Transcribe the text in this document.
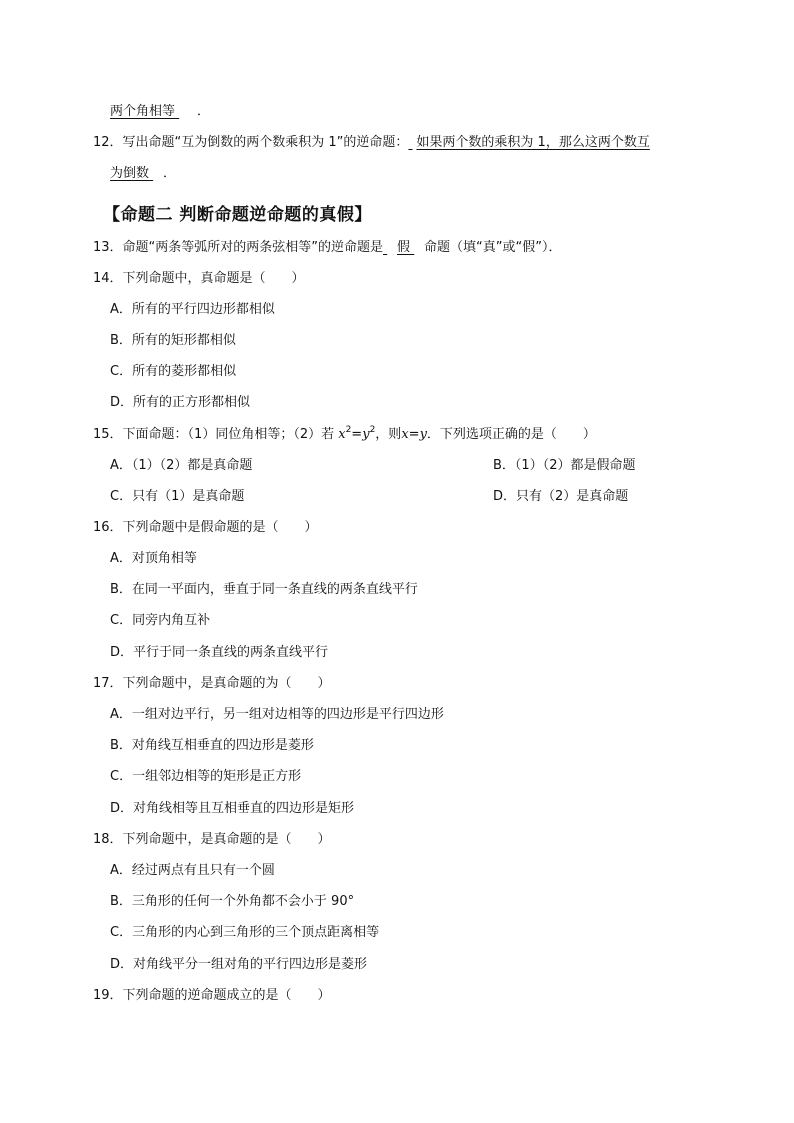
两个角相等 ．
12．写出命题“互为倒数的两个数乘积为 1”的逆命题： 如果两个数的乘积为 1，那么这两个数互
为倒数 ．
【命题二 判断命题逆命题的真假】
13．命题“两条等弧所对的两条弦相等”的逆命题是 假 命题（填“真”或“假”）．
14．下列命题中，真命题是（　　）
A．所有的平行四边形都相似
B．所有的矩形都相似
C．所有的菱形都相似
D．所有的正方形都相似
15．下面命题：（1）同位角相等；（2）若 $x^2=y^2$，则x=y．下列选项正确的是（　　）
A．（1）（2）都是真命题	B．（1）（2）都是假命题
C．只有（1）是真命题	D．只有（2）是真命题
16．下列命题中是假命题的是（　　）
A．对顶角相等
B．在同一平面内，垂直于同一条直线的两条直线平行
C．同旁内角互补
D．平行于同一条直线的两条直线平行
17．下列命题中，是真命题的为（　　）
A．一组对边平行，另一组对边相等的四边形是平行四边形
B．对角线互相垂直的四边形是菱形
C．一组邻边相等的矩形是正方形
D．对角线相等且互相垂直的四边形是矩形
18．下列命题中，是真命题的是（　　）
A．经过两点有且只有一个圆
B．三角形的任何一个外角都不会小于 90°
C．三角形的内心到三角形的三个顶点距离相等
D．对角线平分一组对角的平行四边形是菱形
19．下列命题的逆命题成立的是（　　）
